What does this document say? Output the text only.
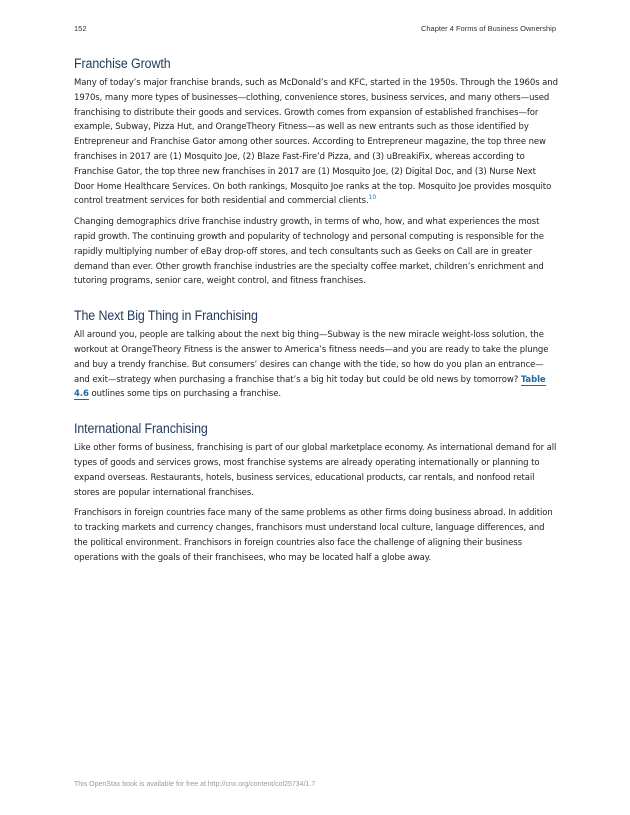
152	Chapter 4 Forms of Business Ownership
Franchise Growth

Many of today’s major franchise brands, such as McDonald’s and KFC, started in the 1950s. Through the 1960s and 1970s, many more types of businesses—clothing, convenience stores, business services, and many others—used franchising to distribute their goods and services. Growth comes from expansion of established franchises—for example, Subway, Pizza Hut, and OrangeTheory Fitness—as well as new entrants such as those identified by Entrepreneur and Franchise Gator among other sources. According to Entrepreneur magazine, the top three new franchises in 2017 are (1) Mosquito Joe, (2) Blaze Fast-Fire’d Pizza, and (3) uBreakiFix, whereas according to Franchise Gator, the top three new franchises in 2017 are (1) Mosquito Joe, (2) Digital Doc, and (3) Nurse Next Door Home Healthcare Services. On both rankings, Mosquito Joe ranks at the top. Mosquito Joe provides mosquito control treatment services for both residential and commercial clients.$^{10}$

Changing demographics drive franchise industry growth, in terms of who, how, and what experiences the most rapid growth. The continuing growth and popularity of technology and personal computing is responsible for the rapidly multiplying number of eBay drop-off stores, and tech consultants such as Geeks on Call are in greater demand than ever. Other growth franchise industries are the specialty coffee market, children’s enrichment and tutoring programs, senior care, weight control, and fitness franchises.

The Next Big Thing in Franchising

All around you, people are talking about the next big thing—Subway is the new miracle weight-loss solution, the workout at OrangeTheory Fitness is the answer to America’s fitness needs—and you are ready to take the plunge and buy a trendy franchise. But consumers’ desires can change with the tide, so how do you plan an entrance—and exit—strategy when purchasing a franchise that’s a big hit today but could be old news by tomorrow? Table 4.6 outlines some tips on purchasing a franchise.

International Franchising

Like other forms of business, franchising is part of our global marketplace economy. As international demand for all types of goods and services grows, most franchise systems are already operating internationally or planning to expand overseas. Restaurants, hotels, business services, educational products, car rentals, and nonfood retail stores are popular international franchises.

Franchisors in foreign countries face many of the same problems as other firms doing business abroad. In addition to tracking markets and currency changes, franchisors must understand local culture, language differences, and the political environment. Franchisors in foreign countries also face the challenge of aligning their business operations with the goals of their franchisees, who may be located half a globe away.

This OpenStax book is available for free at http://cnx.org/content/col25734/1.7
